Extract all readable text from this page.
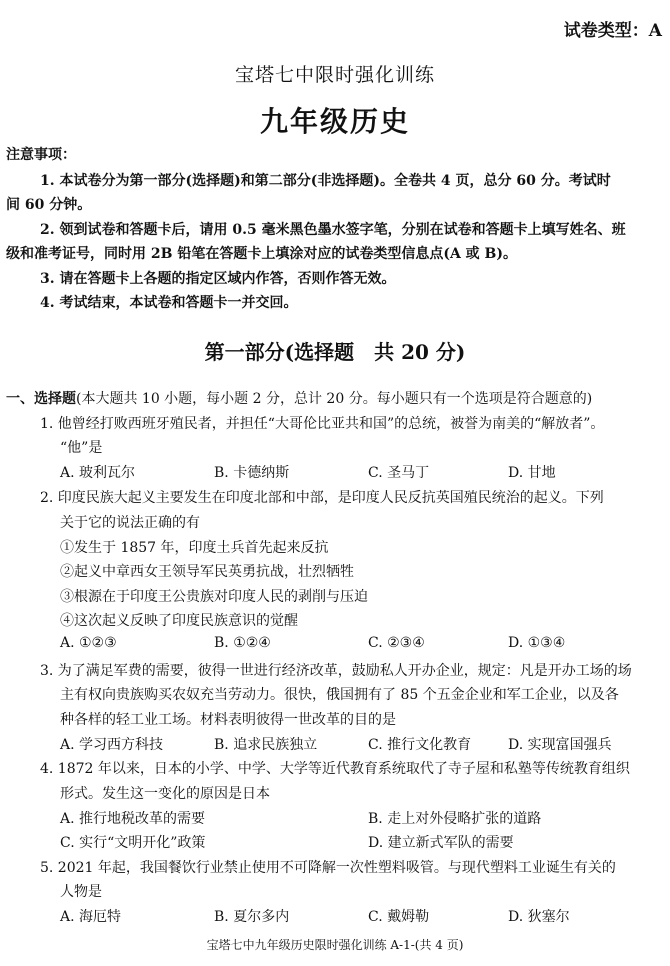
试卷类型：A
宝塔七中限时强化训练
九年级历史
注意事项：
1. 本试卷分为第一部分(选择题)和第二部分(非选择题)。全卷共 4 页，总分 60 分。考试时
间 60 分钟。
2. 领到试卷和答题卡后，请用 0.5 毫米黑色墨水签字笔，分别在试卷和答题卡上填写姓名、班
级和准考证号，同时用 2B 铅笔在答题卡上填涂对应的试卷类型信息点(A 或 B)。
3. 请在答题卡上各题的指定区域内作答，否则作答无效。
4. 考试结束，本试卷和答题卡一并交回。
第一部分(选择题　共 20 分)
一、选择题(本大题共 10 小题，每小题 2 分，总计 20 分。每小题只有一个选项是符合题意的)
1. 他曾经打败西班牙殖民者，并担任“大哥伦比亚共和国”的总统，被誉为南美的“解放者”。
“他”是
A. 玻利瓦尔	B. 卡德纳斯	C. 圣马丁	D. 甘地
2. 印度民族大起义主要发生在印度北部和中部，是印度人民反抗英国殖民统治的起义。下列
关于它的说法正确的有
①发生于 1857 年，印度土兵首先起来反抗
②起义中章西女王领导军民英勇抗战，壮烈牺牲
③根源在于印度王公贵族对印度人民的剥削与压迫
④这次起义反映了印度民族意识的觉醒
A. ①②③	B. ①②④	C. ②③④	D. ①③④
3. 为了满足军费的需要，彼得一世进行经济改革，鼓励私人开办企业，规定：凡是开办工场的场
主有权向贵族购买农奴充当劳动力。很快，俄国拥有了 85 个五金企业和军工企业，以及各
种各样的轻工业工场。材料表明彼得一世改革的目的是
A. 学习西方科技	B. 追求民族独立	C. 推行文化教育	D. 实现富国强兵
4. 1872 年以来，日本的小学、中学、大学等近代教育系统取代了寺子屋和私塾等传统教育组织
形式。发生这一变化的原因是日本
A. 推行地税改革的需要	B. 走上对外侵略扩张的道路
C. 实行“文明开化”政策	D. 建立新式军队的需要
5. 2021 年起，我国餐饮行业禁止使用不可降解一次性塑料吸管。与现代塑料工业诞生有关的
人物是
A. 海厄特	B. 夏尔多内	C. 戴姆勒	D. 狄塞尔
宝塔七中九年级历史限时强化训练 A-1-(共 4 页)
